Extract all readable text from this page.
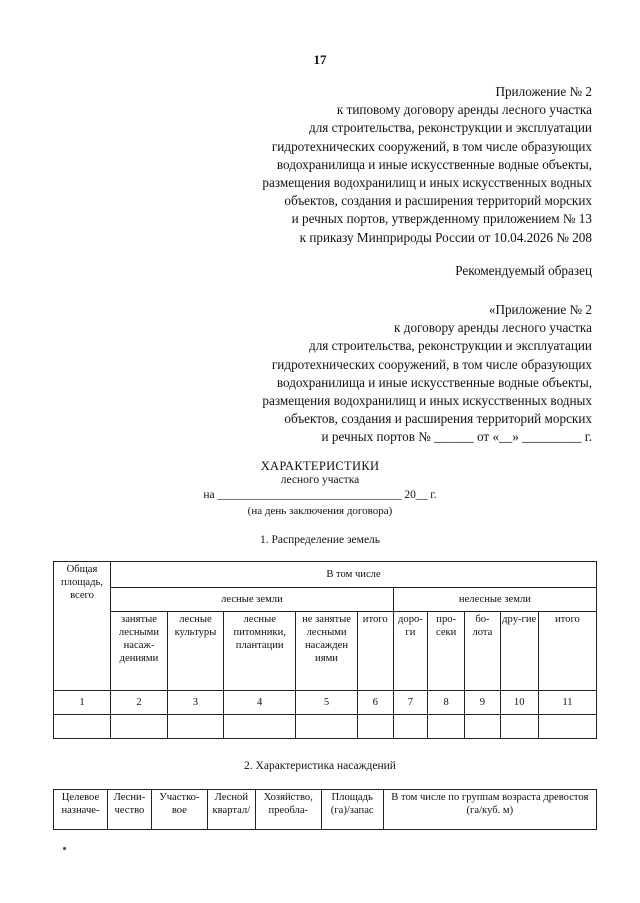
17
Приложение № 2
к типовому договору аренды лесного участка
для строительства, реконструкции и эксплуатации
гидротехнических сооружений, в том числе образующих
водохранилища и иные искусственные водные объекты,
размещения водохранилищ и иных искусственных водных
объектов, создания и расширения территорий морских
и речных портов, утвержденному приложением № 13
к приказу Минприроды России от 10.04.2026 № 208
Рекомендуемый образец
«Приложение № 2
к договору аренды лесного участка
для строительства, реконструкции и эксплуатации
гидротехнических сооружений, в том числе образующих
водохранилища и иные искусственные водные объекты,
размещения водохранилищ и иных искусственных водных
объектов, создания и расширения территорий морских
и речных портов № ______ от «__» _________ г.
ХАРАКТЕРИСТИКИ
лесного участка
на ________________________________ 20__ г.
(на день заключения договора)
1. Распределение земель
Общая площадь, всего	В том числе									
	лесные земли					нелесные земли				
	занятые лесными насаж-дениями	лесные культуры	лесные питомники, плантации	не занятые лесными насажден иями	итого	доро-ги	про-секи	бо-лота	дру-гие	итого
1	2	3	4	5	6	7	8	9	10	11

2. Характеристика насаждений
Целевое назначе-	Лесни-чество	Участко-вое	Лесной квартал/	Хозяйство, преобла-	Площадь (га)/запас	В том числе по группам возраста древостоя (га/куб. м)
